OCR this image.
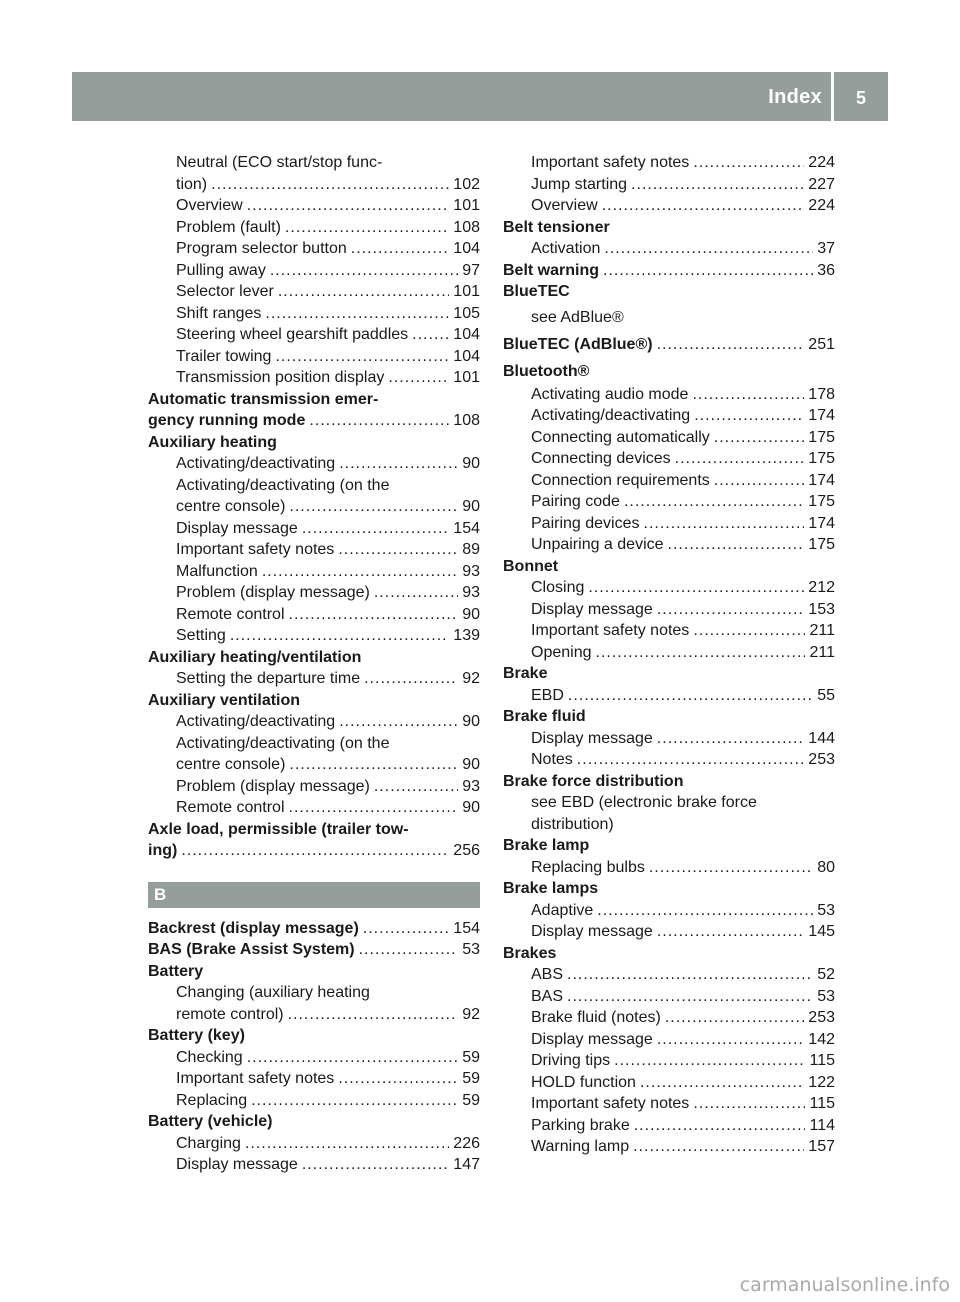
Index 5
Neutral (ECO start/stop func-
tion) .....	102
Overview .....	101
Problem (fault) .....	108
Program selector button .....	104
Pulling away .....	97
Selector lever .....	101
Shift ranges .....	105
Steering wheel gearshift paddles .....	104
Trailer towing .....	104
Transmission position display .....	101
Automatic transmission emer-
gency running mode .....	108
Auxiliary heating
Activating/deactivating .....	90
Activating/deactivating (on the
centre console) .....	90
Display message .....	154
Important safety notes .....	89
Malfunction .....	93
Problem (display message) .....	93
Remote control .....	90
Setting .....	139
Auxiliary heating/ventilation
Setting the departure time .....	92
Auxiliary ventilation
Activating/deactivating .....	90
Activating/deactivating (on the
centre console) .....	90
Problem (display message) .....	93
Remote control .....	90
Axle load, permissible (trailer tow-
ing) .....	256
B
Backrest (display message) .....	154
BAS (Brake Assist System) .....	53
Battery
Changing (auxiliary heating
remote control) .....	92
Battery (key)
Checking .....	59
Important safety notes .....	59
Replacing .....	59
Battery (vehicle)
Charging .....	226
Display message .....	147
Important safety notes .....	224
Jump starting .....	227
Overview .....	224
Belt tensioner
Activation .....	37
Belt warning .....	36
BlueTEC
see AdBlue®
BlueTEC (AdBlue®) .....	251
Bluetooth®
Activating audio mode .....	178
Activating/deactivating .....	174
Connecting automatically .....	175
Connecting devices .....	175
Connection requirements .....	174
Pairing code .....	175
Pairing devices .....	174
Unpairing a device .....	175
Bonnet
Closing .....	212
Display message .....	153
Important safety notes .....	211
Opening .....	211
Brake
EBD .....	55
Brake fluid
Display message .....	144
Notes .....	253
Brake force distribution
see EBD (electronic brake force
distribution)
Brake lamp
Replacing bulbs .....	80
Brake lamps
Adaptive .....	53
Display message .....	145
Brakes
ABS .....	52
BAS .....	53
Brake fluid (notes) .....	253
Display message .....	142
Driving tips .....	115
HOLD function .....	122
Important safety notes .....	115
Parking brake .....	114
Warning lamp .....	157
carmanualsonline.info
